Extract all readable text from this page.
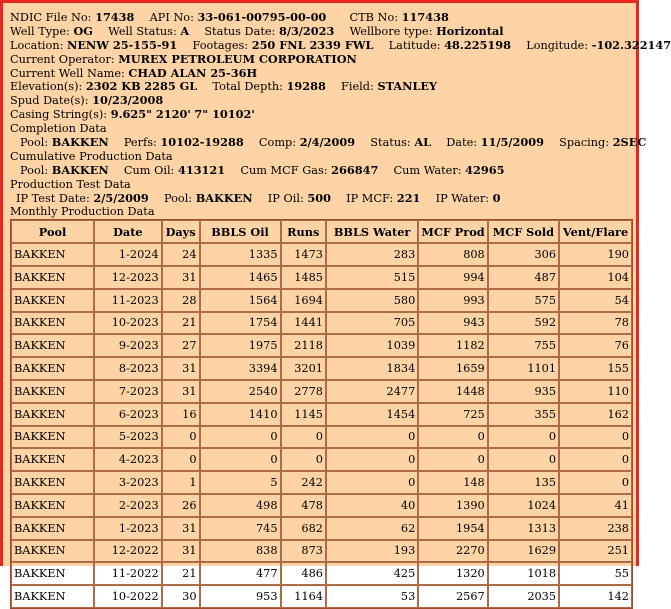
NDIC File No: 17438 API No: 33-061-00795-00-00 CTB No: 117438
Well Type: OG Well Status: A Status Date: 8/3/2023 Wellbore type: Horizontal
Location: NENW 25-155-91 Footages: 250 FNL 2339 FWL Latitude: 48.225198 Longitude: -102.322147
Current Operator: MUREX PETROLEUM CORPORATION
Current Well Name: CHAD ALAN 25-36H
Elevation(s): 2302 KB 2285 GL Total Depth: 19288 Field: STANLEY
Spud Date(s): 10/23/2008
Casing String(s): 9.625" 2120' 7" 10102'
Completion Data
Pool: BAKKEN Perfs: 10102-19288 Comp: 2/4/2009 Status: AL Date: 11/5/2009 Spacing: 2SEC
Cumulative Production Data
Pool: BAKKEN Cum Oil: 413121 Cum MCF Gas: 266847 Cum Water: 42965
Production Test Data
IP Test Date: 2/5/2009 Pool: BAKKEN IP Oil: 500 IP MCF: 221 IP Water: 0
Monthly Production Data
Pool	Date	Days	BBLS Oil	Runs	BBLS Water	MCF Prod	MCF Sold	Vent/Flare
BAKKEN	1-2024	24	1335	1473	283	808	306	190
BAKKEN	12-2023	31	1465	1485	515	994	487	104
BAKKEN	11-2023	28	1564	1694	580	993	575	54
BAKKEN	10-2023	21	1754	1441	705	943	592	78
BAKKEN	9-2023	27	1975	2118	1039	1182	755	76
BAKKEN	8-2023	31	3394	3201	1834	1659	1101	155
BAKKEN	7-2023	31	2540	2778	2477	1448	935	110
BAKKEN	6-2023	16	1410	1145	1454	725	355	162
BAKKEN	5-2023	0	0	0	0	0	0	0
BAKKEN	4-2023	0	0	0	0	0	0	0
BAKKEN	3-2023	1	5	242	0	148	135	0
BAKKEN	2-2023	26	498	478	40	1390	1024	41
BAKKEN	1-2023	31	745	682	62	1954	1313	238
BAKKEN	12-2022	31	838	873	193	2270	1629	251
BAKKEN	11-2022	21	477	486	425	1320	1018	55
BAKKEN	10-2022	30	953	1164	53	2567	2035	142
